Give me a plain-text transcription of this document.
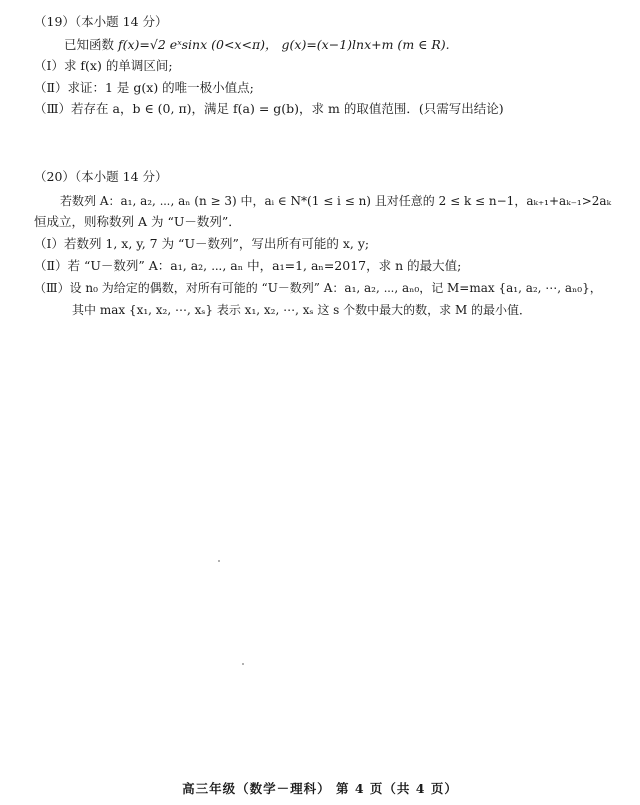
（19）（本小题 14 分）
已知函数 f(x)=√2 eˣsinx (0<x<π)， g(x)=(x−1)lnx+m (m ∈ R).
（Ⅰ）求 f(x) 的单调区间;
（Ⅱ）求证：1 是 g(x) 的唯一极小值点;
（Ⅲ）若存在 a，b ∈ (0, π)，满足 f(a) = g(b)，求 m 的取值范围．(只需写出结论)
（20）（本小题 14 分）
若数列 A：a₁, a₂, ⋯, aₙ (n ≥ 3) 中，aᵢ ∈ N*(1 ≤ i ≤ n) 且对任意的 2 ≤ k ≤ n−1，aₖ₊₁+aₖ₋₁>2aₖ
恒成立，则称数列 A 为 “U－数列”．
（Ⅰ）若数列 1, x, y, 7 为 “U－数列”，写出所有可能的 x, y;
（Ⅱ）若 “U－数列” A：a₁, a₂, ⋯, aₙ 中，a₁=1, aₙ=2017，求 n 的最大值;
（Ⅲ）设 n₀ 为给定的偶数，对所有可能的 “U－数列” A：a₁, a₂, ⋯, aₙ₀，记 M=max {a₁, a₂, ⋯, aₙ₀}，
其中 max {x₁, x₂, ⋯, xₛ} 表示 x₁, x₂, ⋯, xₛ 这 s 个数中最大的数，求 M 的最小值．
高三年级（数学－理科） 第 4 页（共 4 页）
